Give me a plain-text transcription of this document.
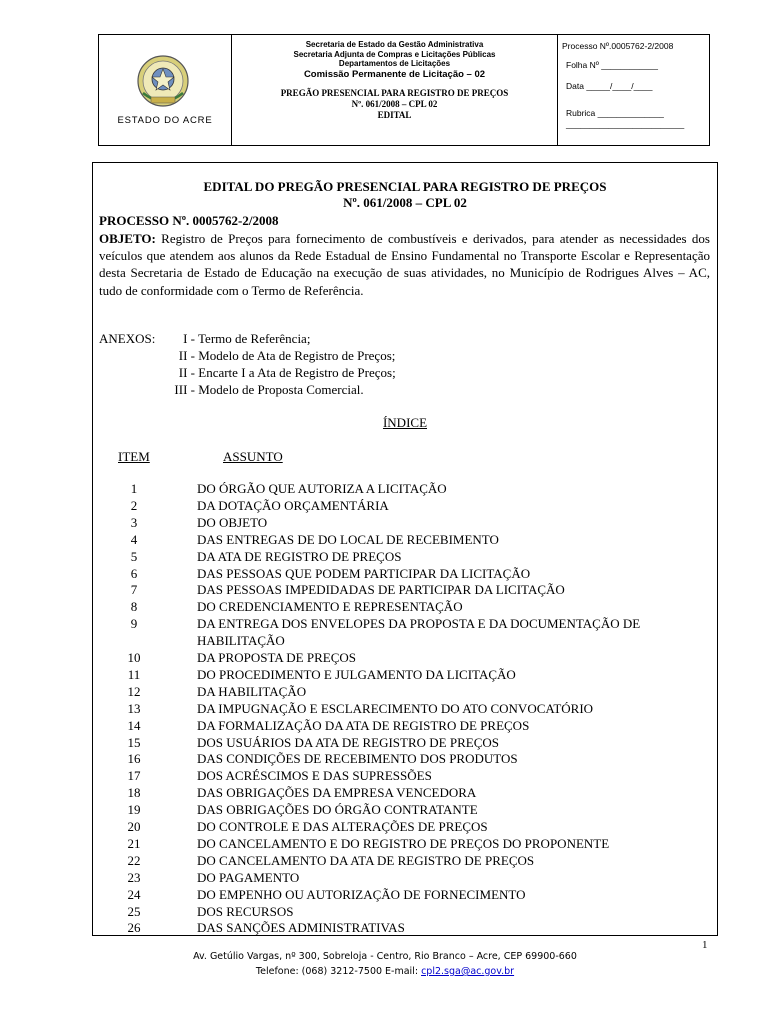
ESTADO DO ACRE
Secretaria de Estado da Gestão Administrativa
Secretaria Adjunta de Compras e Licitações Públicas
Departamentos de Licitações
Comissão Permanente de Licitação – 02
PREGÃO PRESENCIAL PARA REGISTRO DE PREÇOS
Nº. 061/2008 – CPL 02
EDITAL
Processo Nº.0005762-2/2008
Folha Nº ____________
Data _____/____/____
Rubrica ______________
_________________________
EDITAL DO PREGÃO PRESENCIAL PARA REGISTRO DE PREÇOS
Nº. 061/2008 – CPL 02
PROCESSO Nº. 0005762-2/2008
OBJETO: Registro de Preços para fornecimento de combustíveis e derivados, para atender as necessidades dos veículos que atendem aos alunos da Rede Estadual de Ensino Fundamental no Transporte Escolar e Representação desta Secretaria de Estado de Educação na execução de suas atividades, no Município de Rodrigues Alves – AC, tudo de conformidade com o Termo de Referência.
ANEXOS:	I - Termo de Referência;
II - Modelo de Ata de Registro de Preços;
II - Encarte I a Ata de Registro de Preços;
III - Modelo de Proposta Comercial.
ÍNDICE
ITEM	ASSUNTO
1	DO ÓRGÃO QUE AUTORIZA A LICITAÇÃO
2	DA DOTAÇÃO ORÇAMENTÁRIA
3	DO OBJETO
4	DAS ENTREGAS DE DO LOCAL DE RECEBIMENTO
5	DA ATA DE REGISTRO DE PREÇOS
6	DAS PESSOAS QUE PODEM PARTICIPAR DA LICITAÇÃO
7	DAS PESSOAS IMPEDIDADAS DE PARTICIPAR DA LICITAÇÃO
8	DO CREDENCIAMENTO E REPRESENTAÇÃO
9	DA ENTREGA DOS ENVELOPES DA PROPOSTA E DA DOCUMENTAÇÃO DE HABILITAÇÃO
10	DA PROPOSTA DE PREÇOS
11	DO PROCEDIMENTO E JULGAMENTO DA LICITAÇÃO
12	DA HABILITAÇÃO
13	DA IMPUGNAÇÃO E ESCLARECIMENTO DO ATO CONVOCATÓRIO
14	DA FORMALIZAÇÃO DA ATA DE REGISTRO DE PREÇOS
15	DOS USUÁRIOS DA ATA DE REGISTRO DE PREÇOS
16	DAS CONDIÇÕES DE RECEBIMENTO DOS PRODUTOS
17	DOS ACRÉSCIMOS E DAS SUPRESSÕES
18	DAS OBRIGAÇÕES DA EMPRESA VENCEDORA
19	DAS OBRIGAÇÕES DO ÓRGÃO CONTRATANTE
20	DO CONTROLE E DAS ALTERAÇÕES DE PREÇOS
21	DO CANCELAMENTO E DO REGISTRO DE PREÇOS DO PROPONENTE
22	DO CANCELAMENTO DA ATA DE REGISTRO DE PREÇOS
23	DO PAGAMENTO
24	DO EMPENHO OU AUTORIZAÇÃO DE FORNECIMENTO
25	DOS RECURSOS
26	DAS SANÇÕES ADMINISTRATIVAS
1
Av. Getúlio Vargas, nº 300, Sobreloja - Centro, Rio Branco – Acre, CEP 69900-660
Telefone: (068) 3212-7500 E-mail: cpl2.sga@ac.gov.br
